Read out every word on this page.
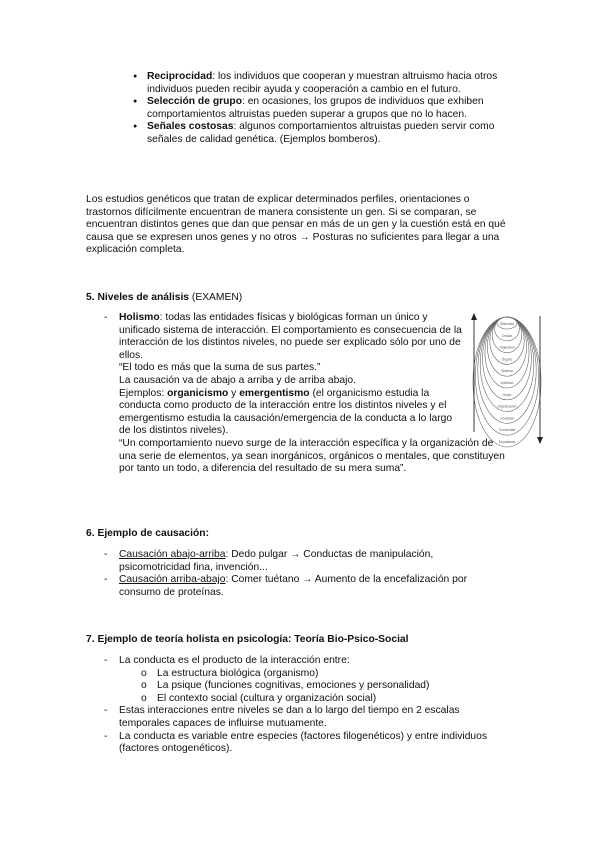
● Reciprocidad: los individuos que cooperan y muestran altruismo hacia otros individuos pueden recibir ayuda y cooperación a cambio en el futuro.
● Selección de grupo: en ocasiones, los grupos de individuos que exhiben comportamientos altruistas pueden superar a grupos que no lo hacen.
● Señales costosas: algunos comportamientos altruistas pueden servir como señales de calidad genética. (Ejemplos bomberos).
Los estudios genéticos que tratan de explicar determinados perfiles, orientaciones o trastornos difícilmente encuentran de manera consistente un gen. Si se comparan, se encuentran distintos genes que dan que pensar en más de un gen y la cuestión está en qué causa que se expresen unos genes y no otros → Posturas no suficientes para llegar a una explicación completa.
5. Niveles de análisis (EXAMEN)
- Holismo: todas las entidades físicas y biológicas forman un único y unificado sistema de interacción. El comportamiento es consecuencia de la interacción de los distintos niveles, no puede ser explicado sólo por uno de ellos.
“El todo es más que la suma de sus partes.”
La causación va de abajo a arriba y de arriba abajo.
Ejemplos: organicismo y emergentismo (el organicismo estudia la conducta como producto de la interacción entre los distintos niveles y el emergentismo estudia la causación/emergencia de la conducta a lo largo de los distintos niveles).
“Un comportamiento nuevo surge de la interacción específica y la organización de una serie de elementos, ya sean inorgánicos, orgánicos o mentales, que constituyen por tanto un todo, a diferencia del resultado de su mera suma”.
Molecular
Celular
Organismo
Órgano
Sistema
Individuo
Grupo
Organización
Sociedad
Comunidad
Ecosistema
6. Ejemplo de causación:
- Causación abajo-arriba: Dedo pulgar → Conductas de manipulación, psicomotricidad fina, invención...
- Causación arriba-abajo: Comer tuétano → Aumento de la encefalización por consumo de proteínas.
7. Ejemplo de teoría holista en psicología: Teoría Bio-Psico-Social
- La conducta es el producto de la interacción entre:
o La estructura biológica (organismo)
o La psique (funciones cognitivas, emociones y personalidad)
o El contexto social (cultura y organización social)
- Estas interacciones entre niveles se dan a lo largo del tiempo en 2 escalas temporales capaces de influirse mutuamente.
- La conducta es variable entre especies (factores filogenéticos) y entre individuos (factores ontogenéticos).
